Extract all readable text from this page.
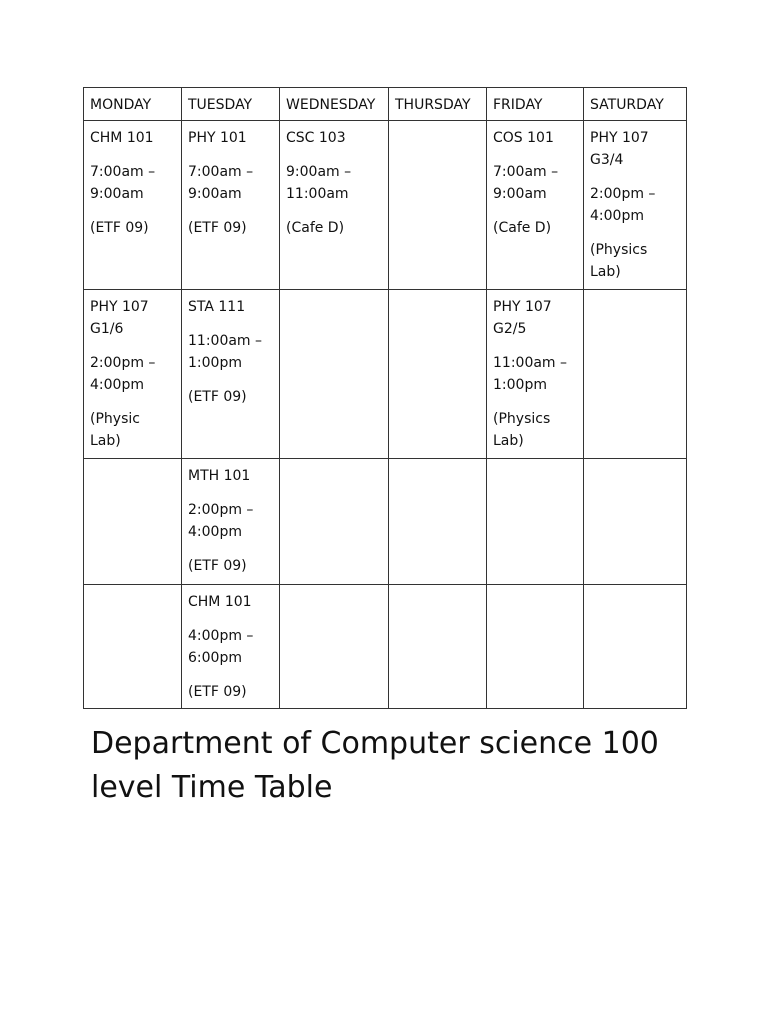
MONDAY	TUESDAY	WEDNESDAY	THURSDAY	FRIDAY	SATURDAY

CHM 101
7:00am – 9:00am
(ETF 09)	PHY 101
7:00am – 9:00am
(ETF 09)	CSC 103
9:00am – 11:00am
(Cafe D)		COS 101
7:00am – 9:00am
(Cafe D)	PHY 107 G3/4
2:00pm – 4:00pm
(Physics Lab)

PHY 107 G1/6
2:00pm – 4:00pm
(Physic Lab)	STA 111
11:00am – 1:00pm
(ETF 09)			PHY 107 G2/5
11:00am – 1:00pm
(Physics Lab)	

	MTH 101
2:00pm – 4:00pm
(ETF 09)				

	CHM 101
4:00pm – 6:00pm
(ETF 09)				

Department of Computer science 100 level Time Table
